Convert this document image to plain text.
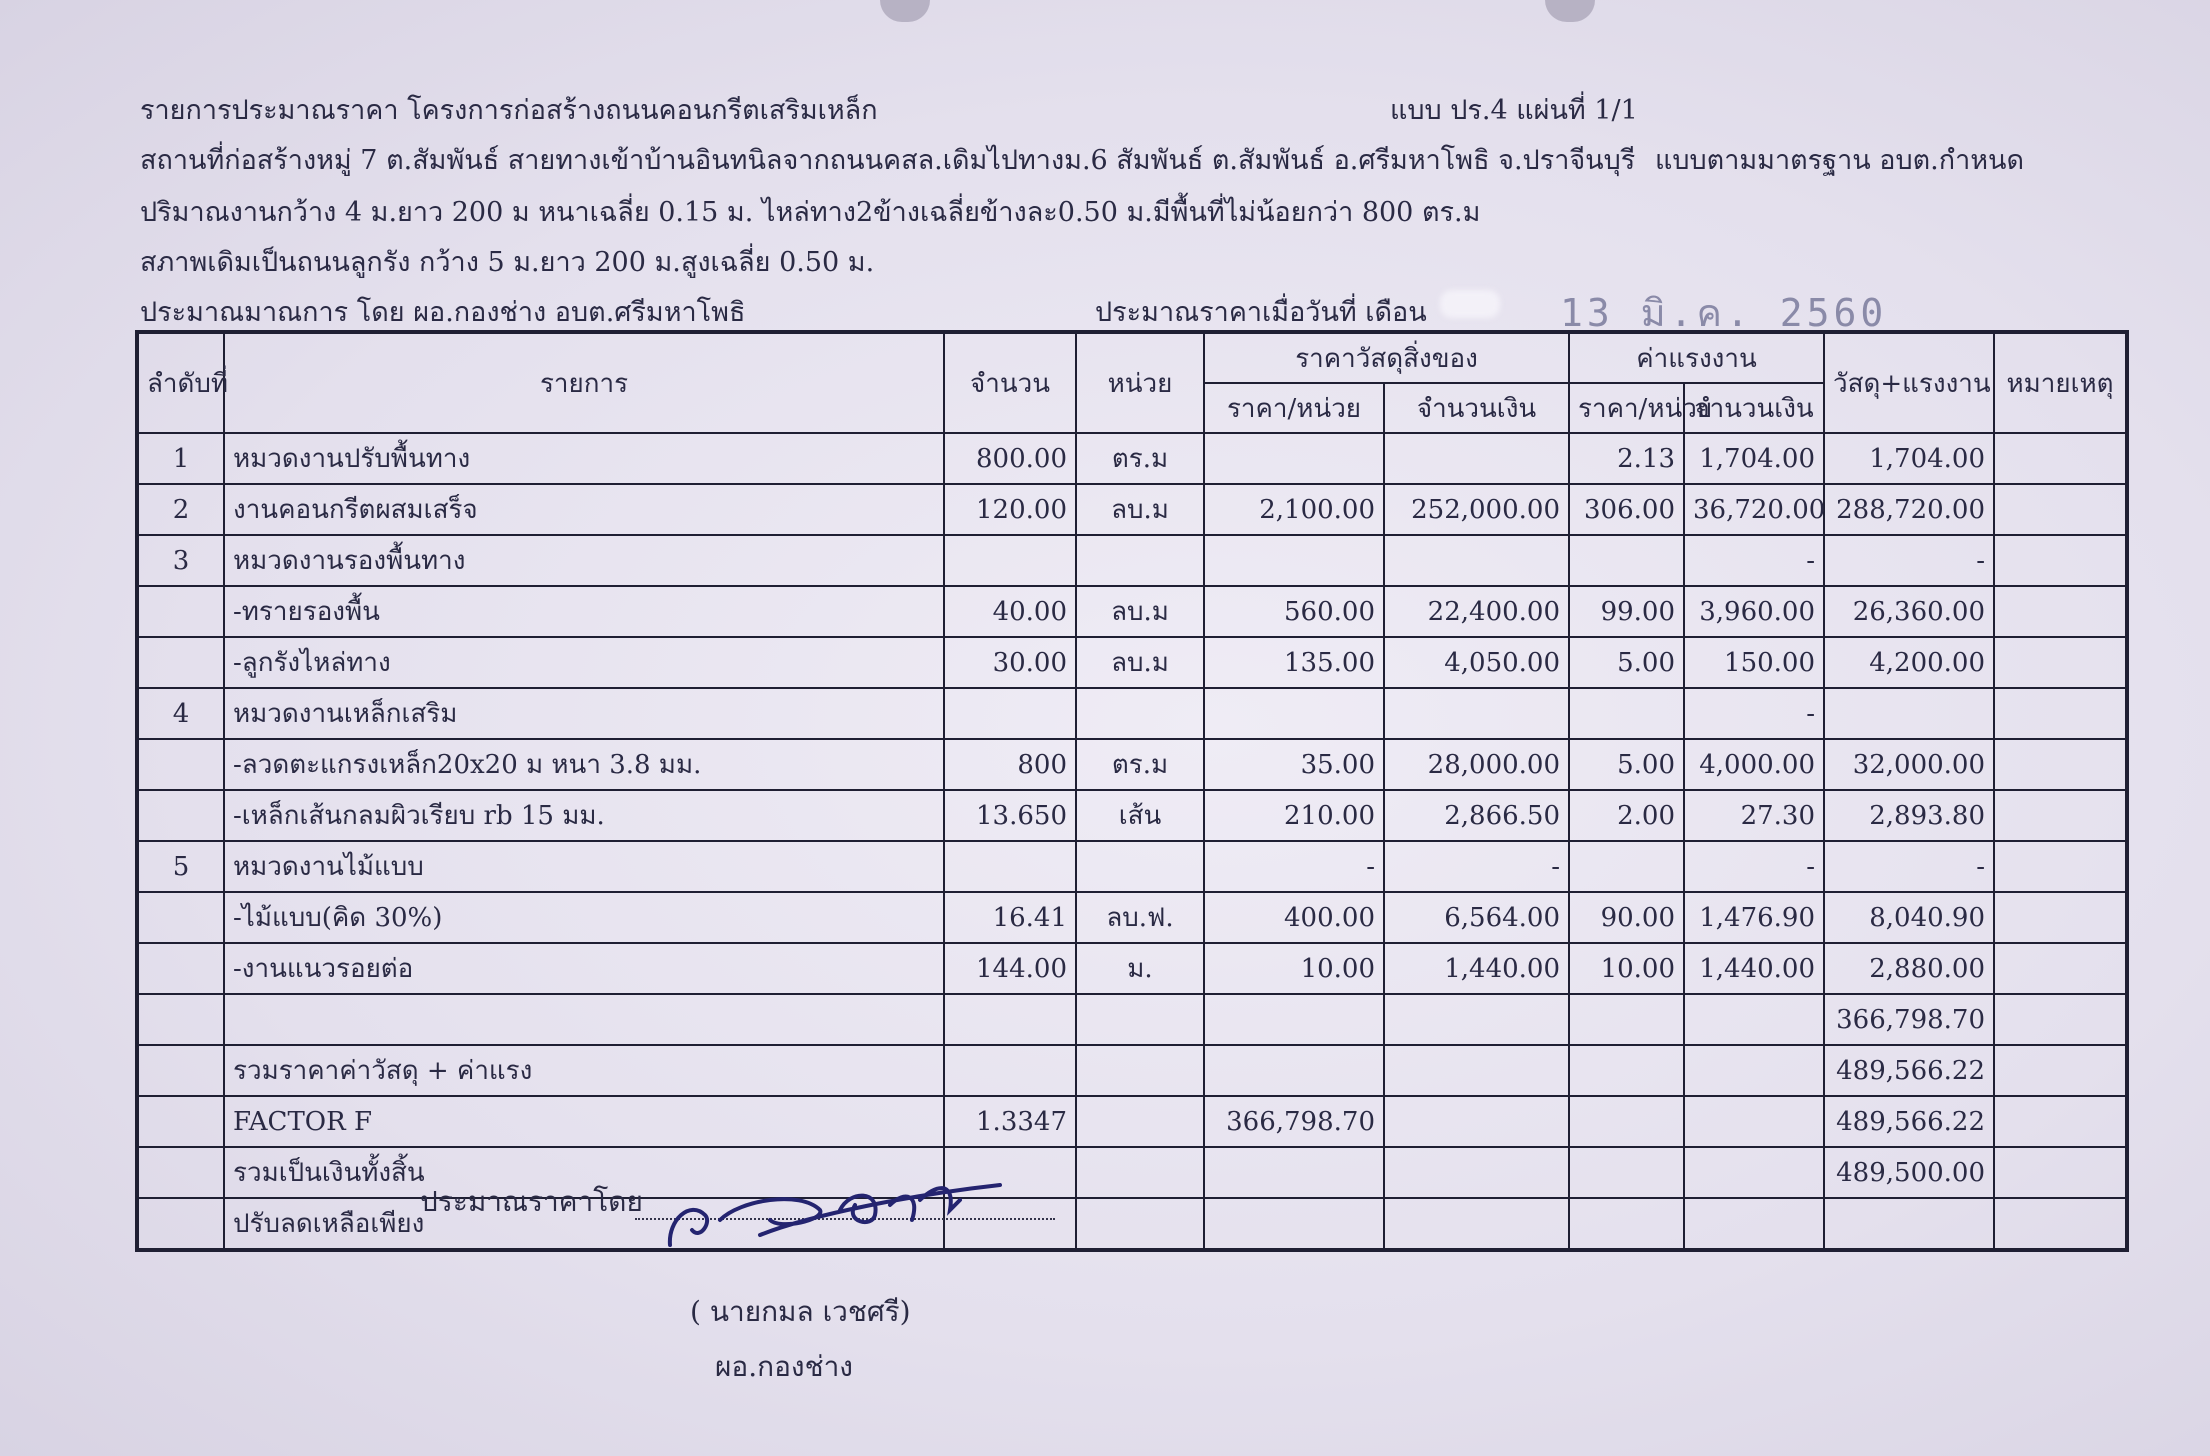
รายการประมาณราคา โครงการก่อสร้างถนนคอนกรีตเสริมเหล็ก	แบบ ปร.4 แผ่นที่ 1/1
สถานที่ก่อสร้างหมู่ 7 ต.สัมพันธ์ สายทางเข้าบ้านอินทนิลจากถนนคสล.เดิมไปทางม.6 สัมพันธ์ ต.สัมพันธ์ อ.ศรีมหาโพธิ จ.ปราจีนบุรี แบบตามมาตรฐาน อบต.กำหนด
ปริมาณงานกว้าง 4 ม.ยาว 200 ม หนาเฉลี่ย 0.15 ม. ไหล่ทาง2ข้างเฉลี่ยข้างละ0.50 ม.มีพื้นที่ไม่น้อยกว่า 800 ตร.ม
สภาพเดิมเป็นถนนลูกรัง กว้าง 5 ม.ยาว 200 ม.สูงเฉลี่ย 0.50 ม.
ประมาณมาณการ โดย ผอ.กองช่าง อบต.ศรีมหาโพธิ	ประมาณราคาเมื่อวันที่ เดือน	13 มิ.ค. 2560
ลำดับที่	รายการ	จำนวน	หน่วย	ราคาวัสดุสิ่งของ		ค่าแรงงาน		วัสดุ+แรงงาน	หมายเหตุ
				ราคา/หน่วย	จำนวนเงิน	ราคา/หน่วย	จำนวนเงิน		
1	หมวดงานปรับพื้นทาง	800.00	ตร.ม			2.13	1,704.00	1,704.00	
2	งานคอนกรีตผสมเสร็จ	120.00	ลบ.ม	2,100.00	252,000.00	306.00	36,720.00	288,720.00	
3	หมวดงานรองพื้นทาง						-	-	
	-ทรายรองพื้น	40.00	ลบ.ม	560.00	22,400.00	99.00	3,960.00	26,360.00	
	-ลูกรังไหล่ทาง	30.00	ลบ.ม	135.00	4,050.00	5.00	150.00	4,200.00	
4	หมวดงานเหล็กเสริม						-		
	-ลวดตะแกรงเหล็ก20x20 ม หนา 3.8 มม.	800	ตร.ม	35.00	28,000.00	5.00	4,000.00	32,000.00	
	-เหล็กเส้นกลมผิวเรียบ rb 15 มม.	13.650	เส้น	210.00	2,866.50	2.00	27.30	2,893.80	
5	หมวดงานไม้แบบ			-	-		-	-	
	-ไม้แบบ(คิด 30%)	16.41	ลบ.ฟ.	400.00	6,564.00	90.00	1,476.90	8,040.90	
	-งานแนวรอยต่อ	144.00	ม.	10.00	1,440.00	10.00	1,440.00	2,880.00	
								366,798.70	
	รวมราคาค่าวัสดุ + ค่าแรง							489,566.22	
	FACTOR F	1.3347		366,798.70				489,566.22	
	รวมเป็นเงินทั้งสิ้น							489,500.00	
	ปรับลดเหลือเพียง								
ประมาณราคาโดย
( นายกมล เวชศรี)
ผอ.กองช่าง
